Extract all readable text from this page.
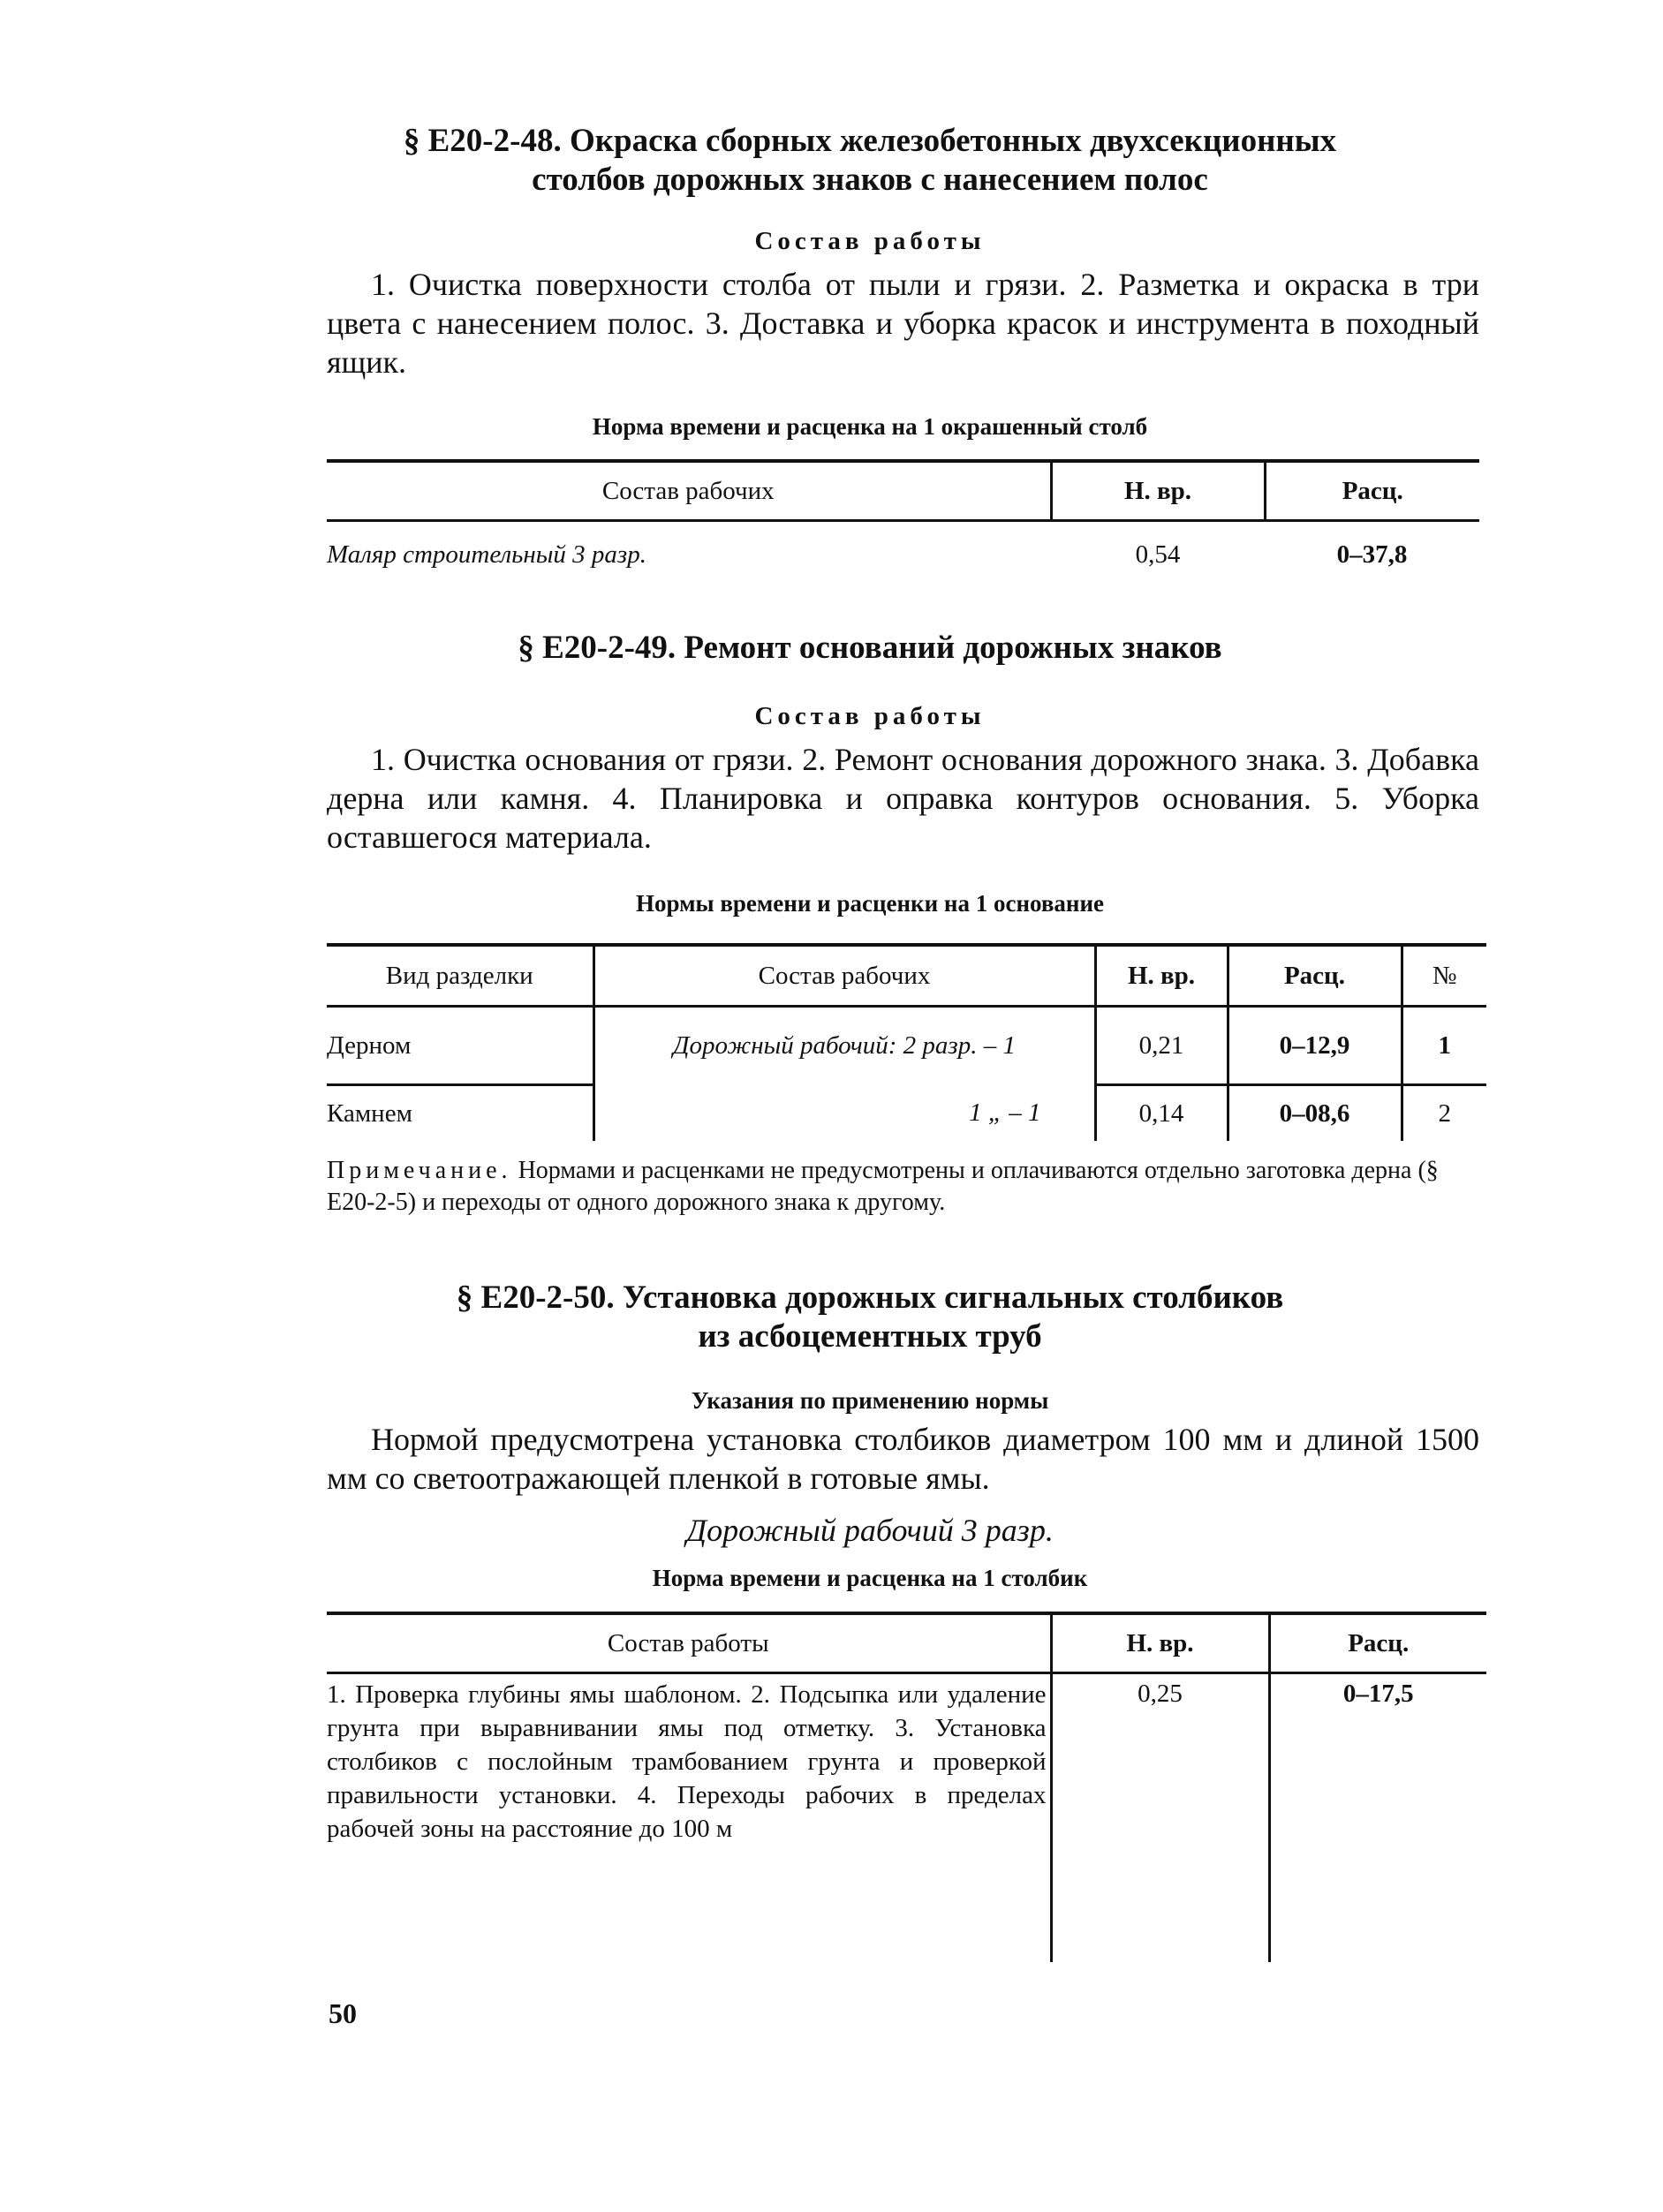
§ Е20-2-48. Окраска сборных железобетонных двухсекционных
столбов дорожных знаков с нанесением полос
Состав работы
1. Очистка поверхности столба от пыли и грязи. 2. Разметка и окраска в три цвета с нанесением полос. 3. Доставка и уборка красок и инструмента в походный ящик.
Норма времени и расценка на 1 окрашенный столб
Состав рабочих	Н. вр.	Расц.
Маляр строительный 3 разр.	0,54	0–37,8
§ Е20-2-49. Ремонт оснований дорожных знаков
Состав работы
1. Очистка основания от грязи. 2. Ремонт основания дорожного знака. 3. Добавка дерна или камня. 4. Планировка и оправка контуров основания. 5. Уборка оставшегося материала.
Нормы времени и расценки на 1 основание
Вид разделки	Состав рабочих	Н. вр.	Расц.	№
Дерном	Дорожный рабочий: 2 разр. – 1	0,21	0–12,9	1
Камнем	1 „ – 1	0,14	0–08,6	2
Примечание. Нормами и расценками не предусмотрены и оплачиваются отдельно заготовка дерна (§ Е20-2-5) и переходы от одного дорожного знака к другому.
§ Е20-2-50. Установка дорожных сигнальных столбиков
из асбоцементных труб
Указания по применению нормы
Нормой предусмотрена установка столбиков диаметром 100 мм и длиной 1500 мм со светоотражающей пленкой в готовые ямы.
Дорожный рабочий 3 разр.
Норма времени и расценка на 1 столбик
Состав работы	Н. вр.	Расц.
1. Проверка глубины ямы шаблоном. 2. Подсыпка или удаление грунта при выравнивании ямы под отметку. 3. Установка столбиков с послойным трамбованием грунта и проверкой правильности установки. 4. Переходы рабочих в пределах рабочей зоны на расстояние до 100 м	0,25	0–17,5
50
